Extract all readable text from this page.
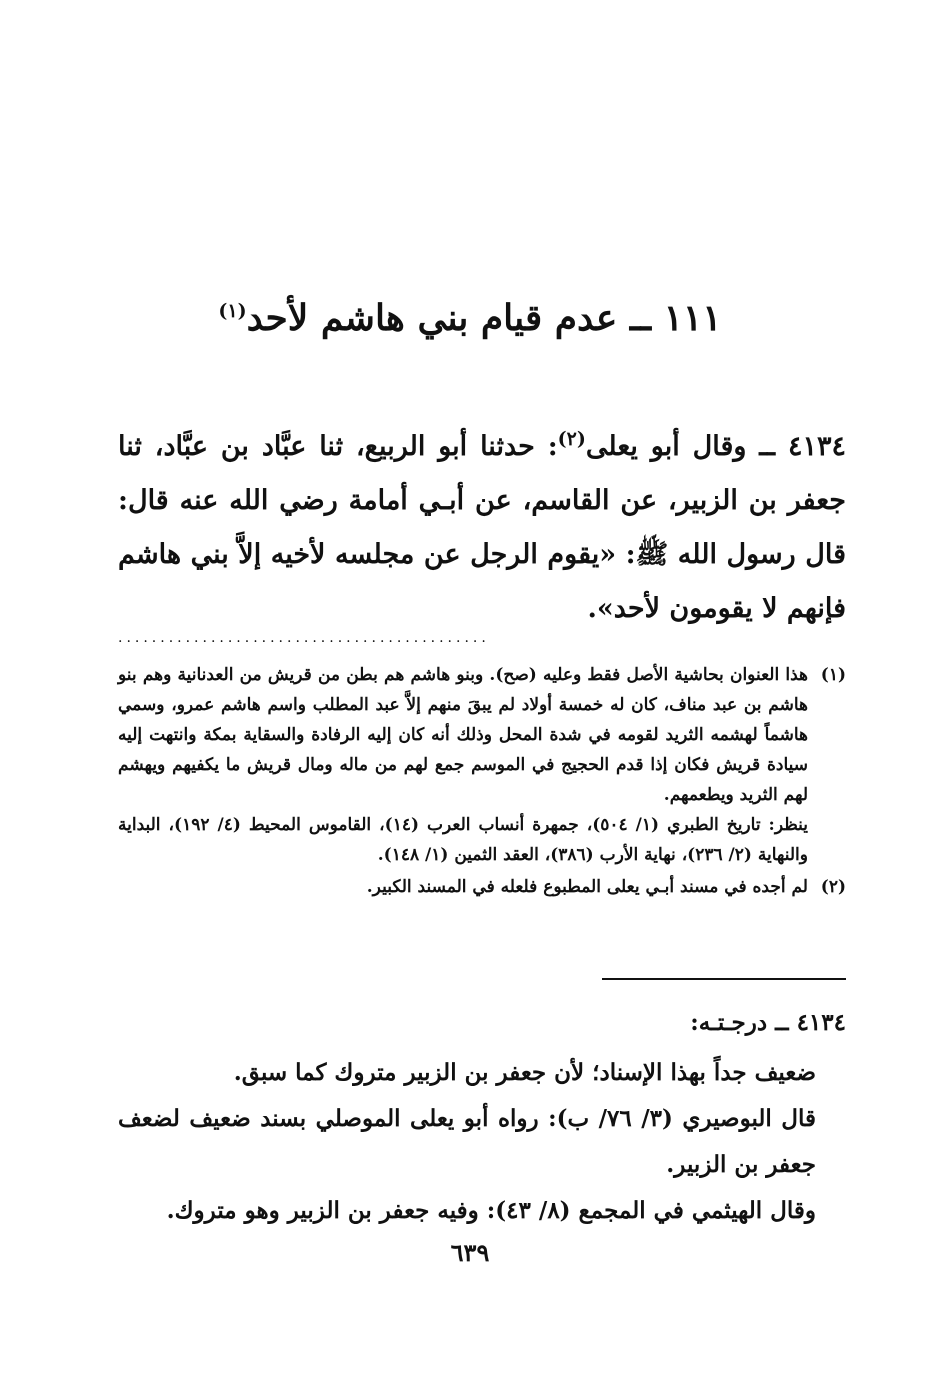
١١١ ــ عدم قيام بني هاشم لأحد$^{(١)}$

٤١٣٤ ــ وقال أبو يعلى$^{(٢)}$: حدثنا أبو الربيع، ثنا عبَّاد بن عبَّاد، ثنا جعفر بن الزبير، عن القاسم، عن أبـي أمامة رضي الله عنه قال: قال رسول الله ﷺ: «يقوم الرجل عن مجلسه لأخيه إلاَّ بني هاشم فإنهم لا يقومون لأحد».

............................................
(١)

هذا العنوان بحاشية الأصل فقط وعليه (صح). وبنو هاشم هم بطن من قريش من العدنانية وهم بنو هاشم بن عبد مناف، كان له خمسة أولاد لم يبقَ منهم إلاَّ عبد المطلب واسم هاشم عمرو، وسمي هاشماً لهشمه الثريد لقومه في شدة المحل وذلك أنه كان إليه الرفادة والسقاية بمكة وانتهت إليه سيادة قريش فكان إذا قدم الحجيج في الموسم جمع لهم من ماله ومال قريش ما يكفيهم ويهشم لهم الثريد ويطعمهم.

ينظر: تاريخ الطبري (١/ ٥٠٤)، جمهرة أنساب العرب (١٤)، القاموس المحيط (٤/ ١٩٢)، البداية والنهاية (٢/ ٢٣٦)، نهاية الأرب (٣٨٦)، العقد الثمين (١/ ١٤٨).

(٢)

لم أجده في مسند أبـي يعلى المطبوع فلعله في المسند الكبير.

٤١٣٤ ــ درجـتـه:

ضعيف جداً بهذا الإسناد؛ لأن جعفر بن الزبير متروك كما سبق.

قال البوصيري (٣/ ٧٦/ ب): رواه أبو يعلى الموصلي بسند ضعيف لضعف جعفر بن الزبير.

وقال الهيثمي في المجمع (٨/ ٤٣): وفيه جعفر بن الزبير وهو متروك.

٦٣٩
